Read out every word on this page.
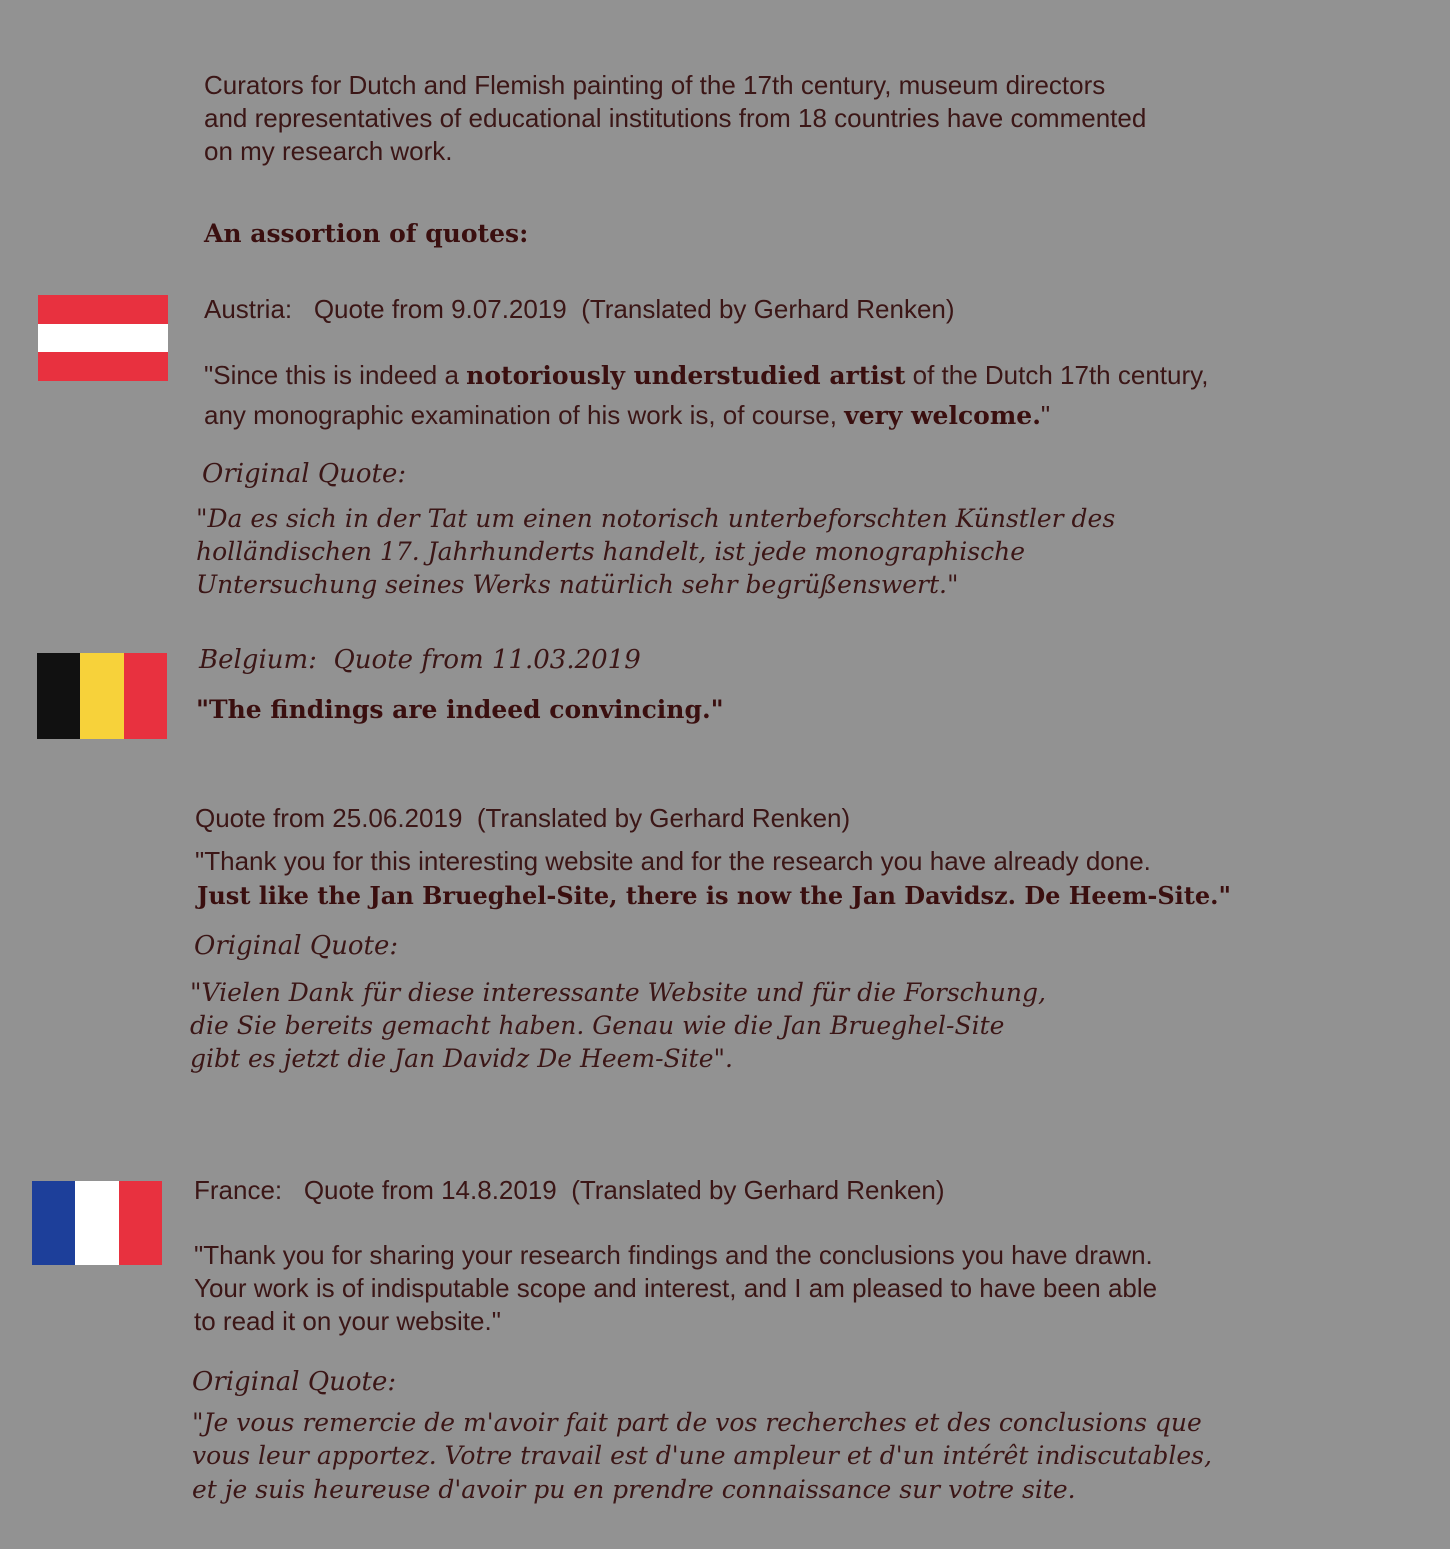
Curators for Dutch and Flemish painting of the 17th century, museum directors

and representatives of educational institutions from 18 countries have commented

on my research work.

An assortion of quotes:

Austria:   Quote from 9.07.2019  (Translated by Gerhard Renken)

"Since this is indeed a notoriously understudied artist of the Dutch 17th century,

any monographic examination of his work is, of course, very welcome."

Original Quote:

"Da es sich in der Tat um einen notorisch unterbeforschten Künstler des

holländischen 17. Jahrhunderts handelt, ist jede monographische

Untersuchung seines Werks natürlich sehr begrüßenswert."

Belgium:  Quote from 11.03.2019

"The findings are indeed convincing."

Quote from 25.06.2019  (Translated by Gerhard Renken)

"Thank you for this interesting website and for the research you have already done.

Just like the Jan Brueghel-Site, there is now the Jan Davidsz. De Heem-Site."

Original Quote:

"Vielen Dank für diese interessante Website und für die Forschung,

die Sie bereits gemacht haben. Genau wie die Jan Brueghel-Site

gibt es jetzt die Jan Davidz De Heem-Site".

France:   Quote from 14.8.2019  (Translated by Gerhard Renken)

"Thank you for sharing your research findings and the conclusions you have drawn.

Your work is of indisputable scope and interest, and I am pleased to have been able

to read it on your website."

Original Quote:

"Je vous remercie de m'avoir fait part de vos recherches et des conclusions que

vous leur apportez. Votre travail est d'une ampleur et d'un intérêt indiscutables,

et je suis heureuse d'avoir pu en prendre connaissance sur votre site.
